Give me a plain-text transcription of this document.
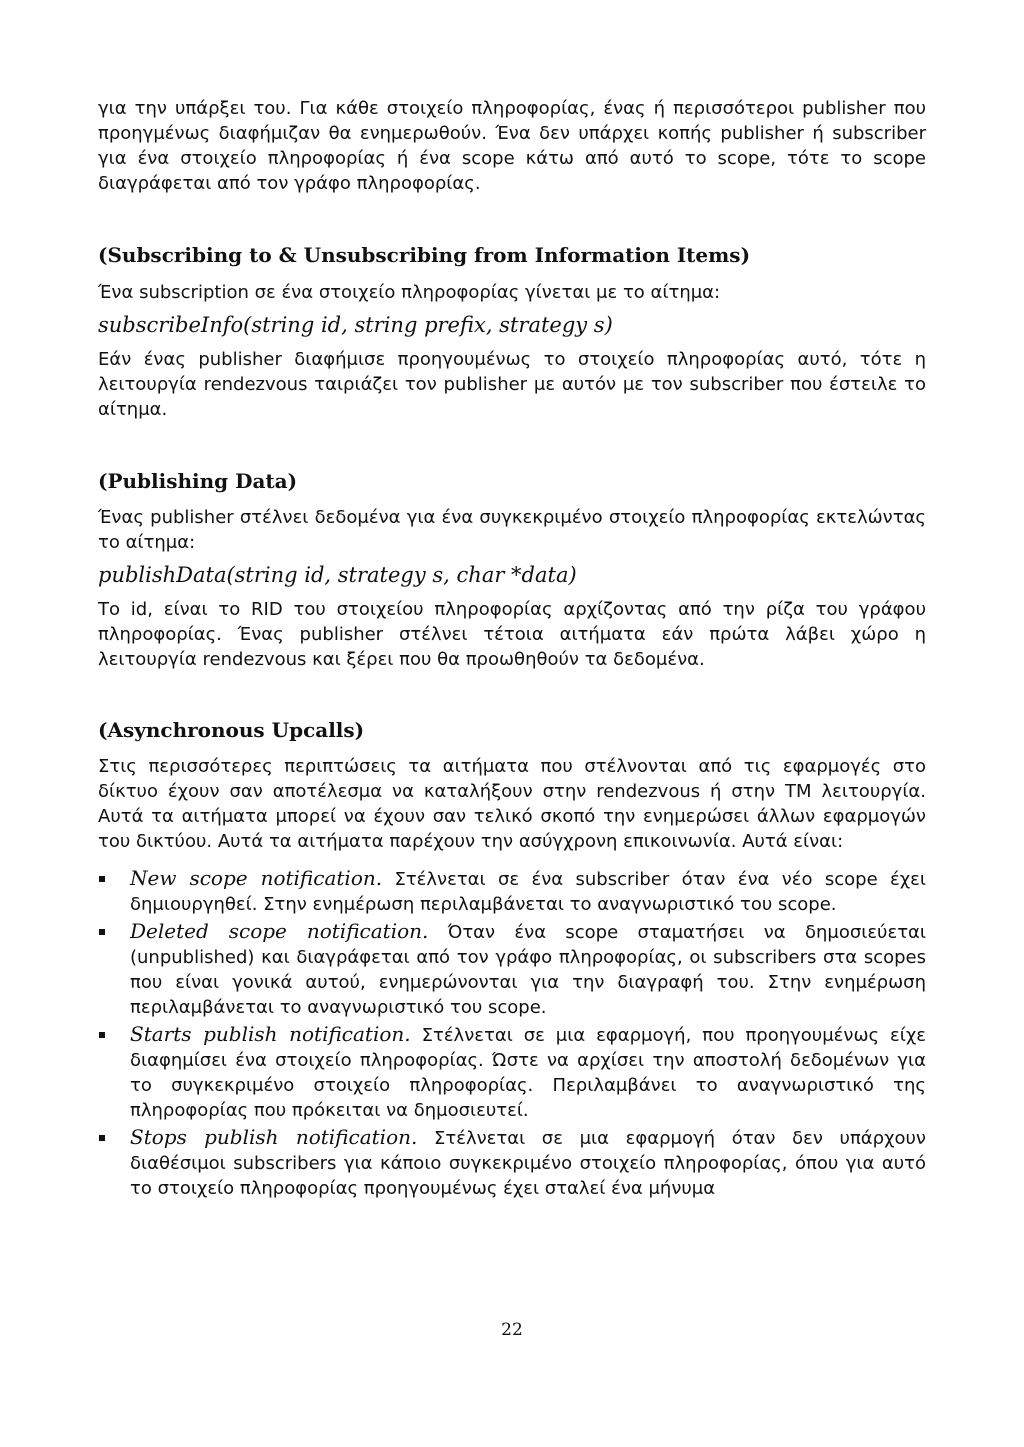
για την υπάρξει του. Για κάθε στοιχείο πληροφορίας, ένας ή περισσότεροι publisher που προηγμένως διαφήμιζαν θα ενημερωθούν. Ένα δεν υπάρχει κοπής publisher ή subscriber για ένα στοιχείο πληροφορίας ή ένα scope κάτω από αυτό το scope, τότε το scope διαγράφεται από τον γράφο πληροφορίας.

(Subscribing to & Unsubscribing from Information Items)

Ένα subscription σε ένα στοιχείο πληροφορίας γίνεται με το αίτημα:

subscribeInfo(string id, string prefix, strategy s)

Εάν ένας publisher διαφήμισε προηγουμένως το στοιχείο πληροφορίας αυτό, τότε η λειτουργία rendezvous ταιριάζει τον publisher με αυτόν με τον subscriber που έστειλε το αίτημα.

(Publishing Data)

Ένας publisher στέλνει δεδομένα για ένα συγκεκριμένο στοιχείο πληροφορίας εκτελώντας το αίτημα:

publishData(string id, strategy s, char *data)

Το id, είναι το RID του στοιχείου πληροφορίας αρχίζοντας από την ρίζα του γράφου πληροφορίας. Ένας publisher στέλνει τέτοια αιτήματα εάν πρώτα λάβει χώρο η λειτουργία rendezvous και ξέρει που θα προωθηθούν τα δεδομένα.

(Asynchronous Upcalls)

Στις περισσότερες περιπτώσεις τα αιτήματα που στέλνονται από τις εφαρμογές στο δίκτυο έχουν σαν αποτέλεσμα να καταλήξουν στην rendezvous ή στην TM λειτουργία. Αυτά τα αιτήματα μπορεί να έχουν σαν τελικό σκοπό την ενημερώσει άλλων εφαρμογών του δικτύου. Αυτά τα αιτήματα παρέχουν την ασύγχρονη επικοινωνία. Αυτά είναι:

New scope notification. Στέλνεται σε ένα subscriber όταν ένα νέο scope έχει δημιουργηθεί. Στην ενημέρωση περιλαμβάνεται το αναγνωριστικό του scope.
Deleted scope notification. Όταν ένα scope σταματήσει να δημοσιεύεται (unpublished) και διαγράφεται από τον γράφο πληροφορίας, οι subscribers στα scopes που είναι γονικά αυτού, ενημερώνονται για την διαγραφή του. Στην ενημέρωση περιλαμβάνεται το αναγνωριστικό του scope.
Starts publish notification. Στέλνεται σε μια εφαρμογή, που προηγουμένως είχε διαφημίσει ένα στοιχείο πληροφορίας. Ώστε να αρχίσει την αποστολή δεδομένων για το συγκεκριμένο στοιχείο πληροφορίας. Περιλαμβάνει το αναγνωριστικό της πληροφορίας που πρόκειται να δημοσιευτεί.
Stops publish notification. Στέλνεται σε μια εφαρμογή όταν δεν υπάρχουν διαθέσιμοι subscribers για κάποιο συγκεκριμένο στοιχείο πληροφορίας, όπου για αυτό το στοιχείο πληροφορίας προηγουμένως έχει σταλεί ένα μήνυμα
22
